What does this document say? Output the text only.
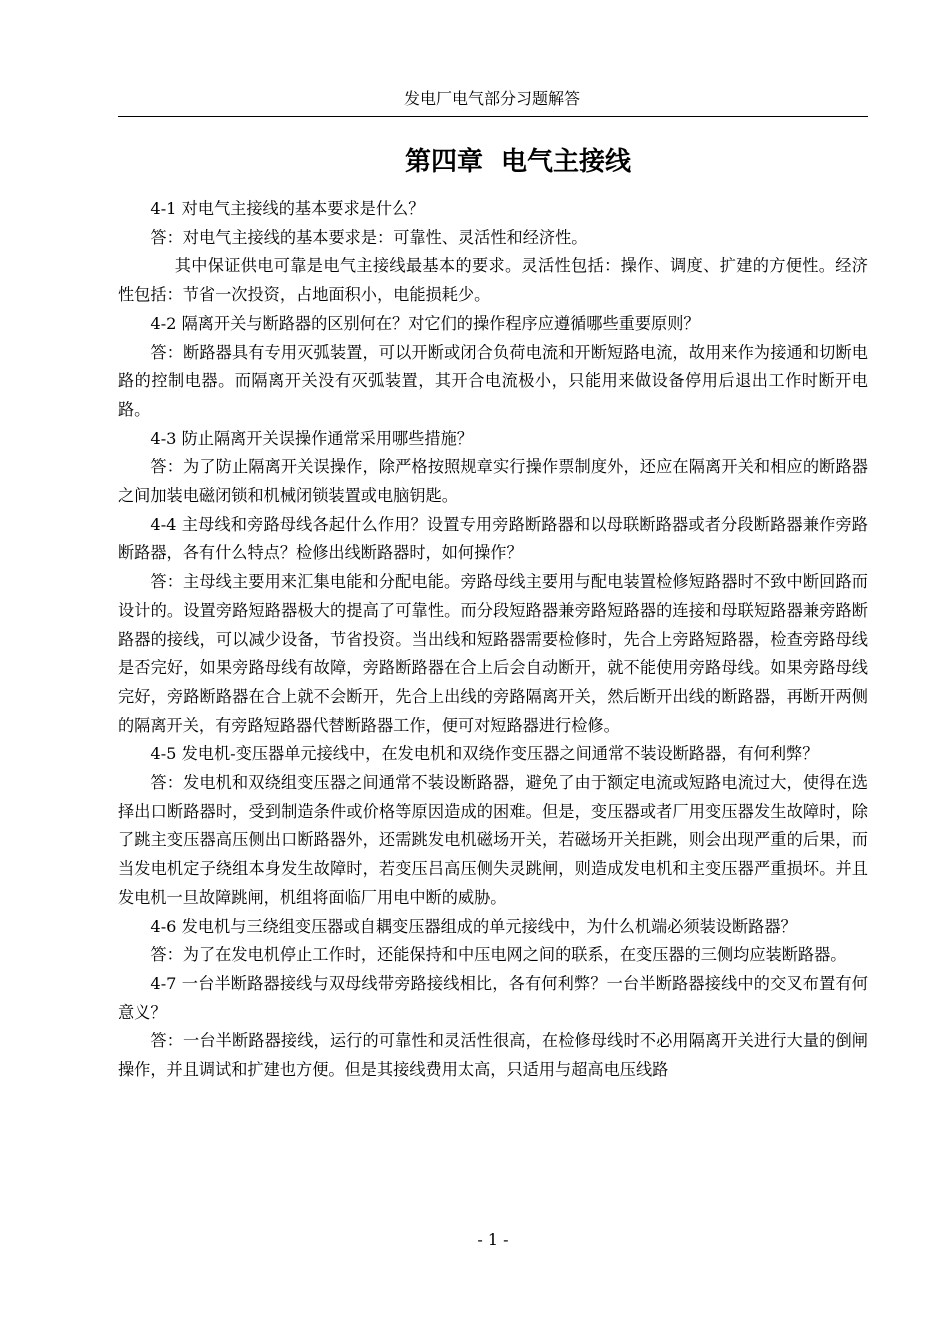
发电厂电气部分习题解答
第四章  电气主接线

4-1 对电气主接线的基本要求是什么？

答：对电气主接线的基本要求是：可靠性、灵活性和经济性。

其中保证供电可靠是电气主接线最基本的要求。灵活性包括：操作、调度、扩建的方便性。经济性包括：节省一次投资，占地面积小，电能损耗少。

4-2 隔离开关与断路器的区别何在？对它们的操作程序应遵循哪些重要原则？

答：断路器具有专用灭弧装置，可以开断或闭合负荷电流和开断短路电流，故用来作为接通和切断电路的控制电器。而隔离开关没有灭弧装置，其开合电流极小，只能用来做设备停用后退出工作时断开电路。

4-3 防止隔离开关误操作通常采用哪些措施？

答：为了防止隔离开关误操作，除严格按照规章实行操作票制度外，还应在隔离开关和相应的断路器之间加装电磁闭锁和机械闭锁装置或电脑钥匙。

4-4 主母线和旁路母线各起什么作用？设置专用旁路断路器和以母联断路器或者分段断路器兼作旁路断路器，各有什么特点？检修出线断路器时，如何操作？

答：主母线主要用来汇集电能和分配电能。旁路母线主要用与配电装置检修短路器时不致中断回路而设计的。设置旁路短路器极大的提高了可靠性。而分段短路器兼旁路短路器的连接和母联短路器兼旁路断路器的接线，可以减少设备，节省投资。当出线和短路器需要检修时，先合上旁路短路器，检查旁路母线是否完好，如果旁路母线有故障，旁路断路器在合上后会自动断开，就不能使用旁路母线。如果旁路母线完好，旁路断路器在合上就不会断开，先合上出线的旁路隔离开关，然后断开出线的断路器，再断开两侧的隔离开关，有旁路短路器代替断路器工作，便可对短路器进行检修。

4-5 发电机-变压器单元接线中，在发电机和双绕作变压器之间通常不装设断路器，有何利弊？

答：发电机和双绕组变压器之间通常不装设断路器，避免了由于额定电流或短路电流过大，使得在选择出口断路器时，受到制造条件或价格等原因造成的困难。但是，变压器或者厂用变压器发生故障时，除了跳主变压器高压侧出口断路器外，还需跳发电机磁场开关，若磁场开关拒跳，则会出现严重的后果，而当发电机定子绕组本身发生故障时，若变压吕高压侧失灵跳闸，则造成发电机和主变压器严重损坏。并且发电机一旦故障跳闸，机组将面临厂用电中断的威胁。

4-6 发电机与三绕组变压器或自耦变压器组成的单元接线中，为什么机端必须装设断路器？

答：为了在发电机停止工作时，还能保持和中压电网之间的联系，在变压器的三侧均应装断路器。

4-7 一台半断路器接线与双母线带旁路接线相比，各有何利弊？一台半断路器接线中的交叉布置有何意义？

答：一台半断路器接线，运行的可靠性和灵活性很高，在检修母线时不必用隔离开关进行大量的倒闸操作，并且调试和扩建也方便。但是其接线费用太高，只适用与超高电压线路

- 1 -
